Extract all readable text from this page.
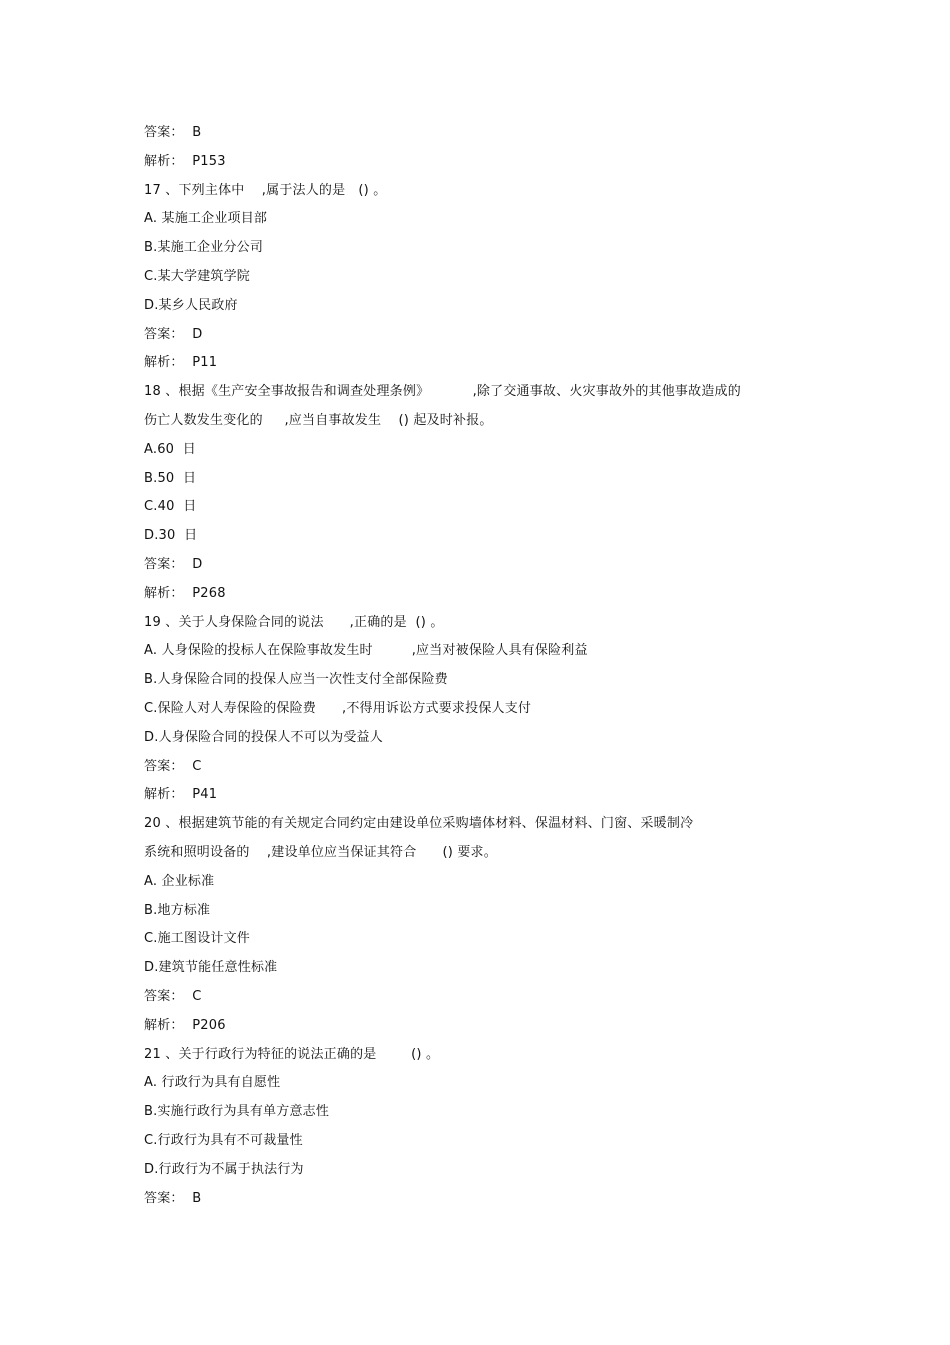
答案：  B
解析：  P153
17 、下列主体中    ,属于法人的是   () 。
A. 某施工企业项目部
B.某施工企业分公司
C.某大学建筑学院
D.某乡人民政府
答案：  D
解析：  P11
18 、根据《生产安全事故报告和调查处理条例》          ,除了交通事故、火灾事故外的其他事故造成的
伤亡人数发生变化的     ,应当自事故发生    () 起及时补报。
A.60  日
B.50  日
C.40  日
D.30  日
答案：  D
解析：  P268
19 、关于人身保险合同的说法      ,正确的是  () 。
A. 人身保险的投标人在保险事故发生时         ,应当对被保险人具有保险利益
B.人身保险合同的投保人应当一次性支付全部保险费
C.保险人对人寿保险的保险费      ,不得用诉讼方式要求投保人支付
D.人身保险合同的投保人不可以为受益人
答案：  C
解析：  P41
20 、根据建筑节能的有关规定合同约定由建设单位采购墙体材料、保温材料、门窗、采暖制冷
系统和照明设备的    ,建设单位应当保证其符合      () 要求。
A. 企业标准
B.地方标准
C.施工图设计文件
D.建筑节能任意性标准
答案：  C
解析：  P206
21 、关于行政行为特征的说法正确的是        () 。
A. 行政行为具有自愿性
B.实施行政行为具有单方意志性
C.行政行为具有不可裁量性
D.行政行为不属于执法行为
答案：  B
